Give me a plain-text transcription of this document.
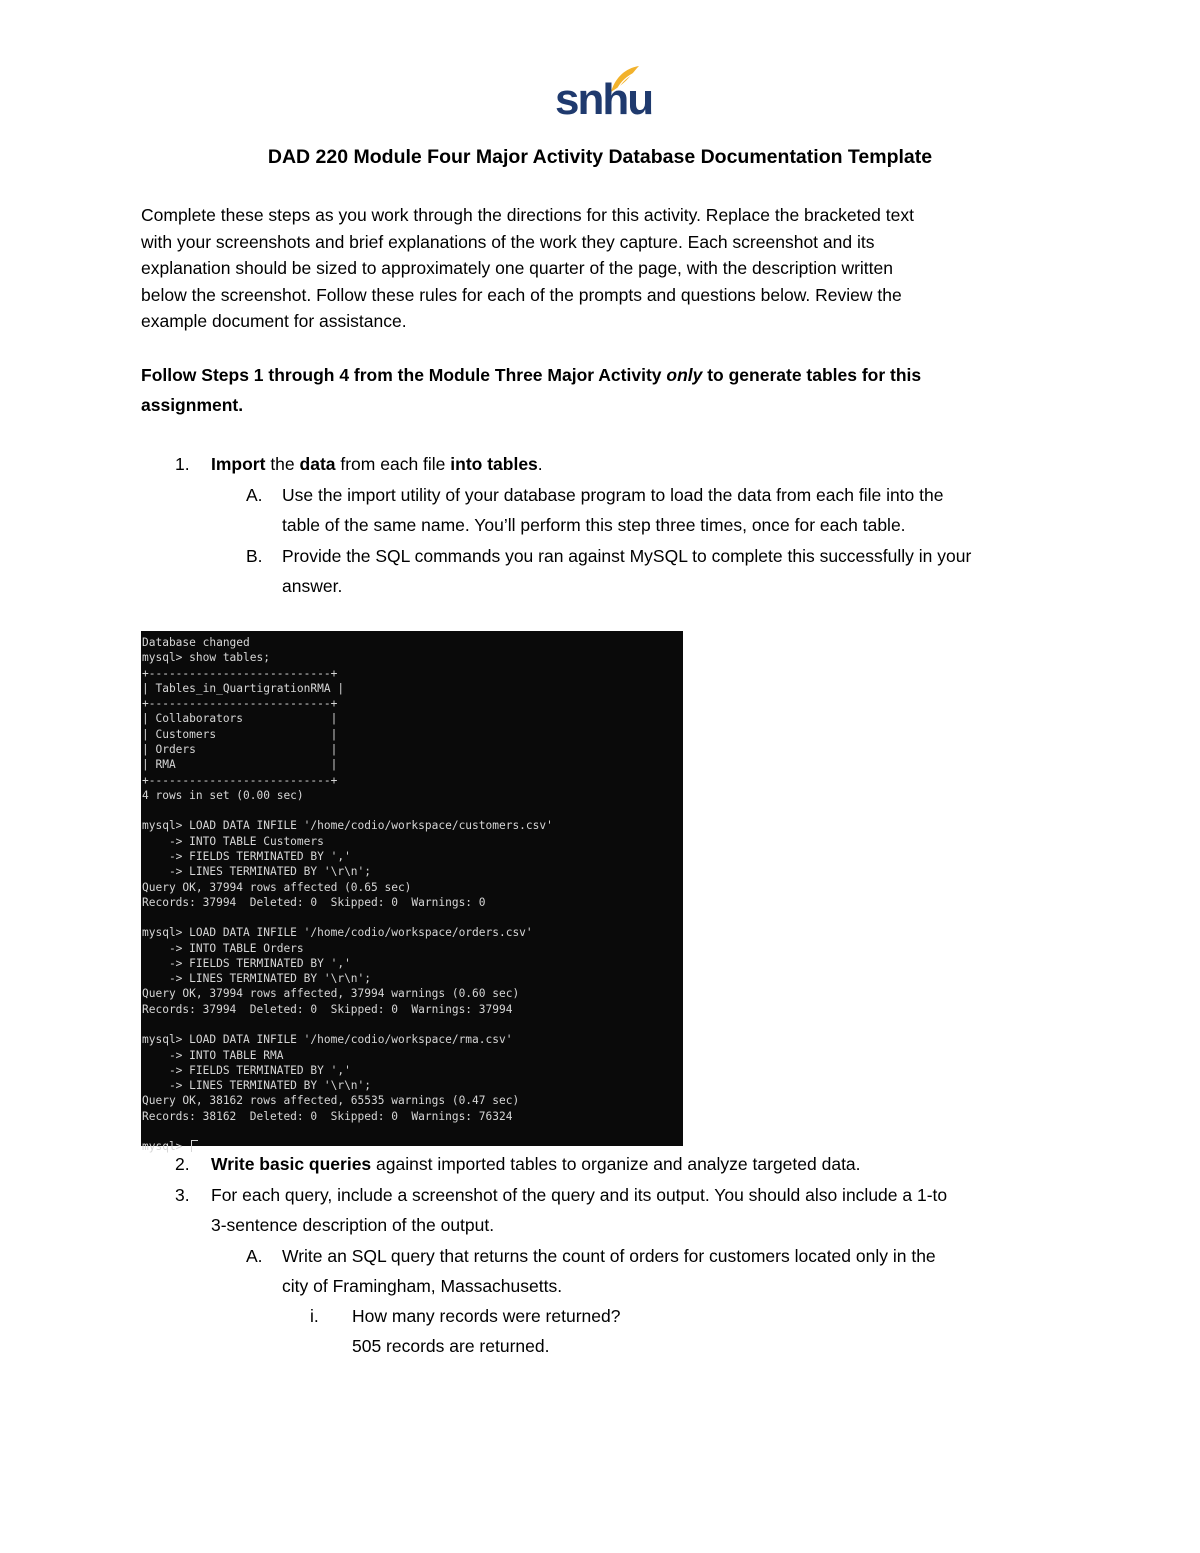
snhu
DAD 220 Module Four Major Activity Database Documentation Template
Complete these steps as you work through the directions for this activity. Replace the bracketed text
with your screenshots and brief explanations of the work they capture. Each screenshot and its
explanation should be sized to approximately one quarter of the page, with the description written
below the screenshot. Follow these rules for each of the prompts and questions below. Review the
example document for assistance.
Follow Steps 1 through 4 from the Module Three Major Activity only to generate tables for this
assignment.
1. Import the data from each file into tables.
A. Use the import utility of your database program to load the data from each file into the
table of the same name. You’ll perform this step three times, once for each table.
B. Provide the SQL commands you ran against MySQL to complete this successfully in your
answer.
Database changed
mysql> show tables;
+---------------------------+
| Tables_in_QuartigrationRMA |
+---------------------------+
| Collaborators             |
| Customers                 |
| Orders                    |
| RMA                       |
+---------------------------+
4 rows in set (0.00 sec)

mysql> LOAD DATA INFILE '/home/codio/workspace/customers.csv'
-> INTO TABLE Customers
-> FIELDS TERMINATED BY ','
-> LINES TERMINATED BY '\r\n';
Query OK, 37994 rows affected (0.65 sec)
Records: 37994  Deleted: 0  Skipped: 0  Warnings: 0

mysql> LOAD DATA INFILE '/home/codio/workspace/orders.csv'
-> INTO TABLE Orders
-> FIELDS TERMINATED BY ','
-> LINES TERMINATED BY '\r\n';
Query OK, 37994 rows affected, 37994 warnings (0.60 sec)
Records: 37994  Deleted: 0  Skipped: 0  Warnings: 37994

mysql> LOAD DATA INFILE '/home/codio/workspace/rma.csv'
-> INTO TABLE RMA
-> FIELDS TERMINATED BY ','
-> LINES TERMINATED BY '\r\n';
Query OK, 38162 rows affected, 65535 warnings (0.47 sec)
Records: 38162  Deleted: 0  Skipped: 0  Warnings: 76324

mysql>
2. Write basic queries against imported tables to organize and analyze targeted data.
3. For each query, include a screenshot of the query and its output. You should also include a 1-to
3-sentence description of the output.
A. Write an SQL query that returns the count of orders for customers located only in the
city of Framingham, Massachusetts.
i. How many records were returned?
505 records are returned.
